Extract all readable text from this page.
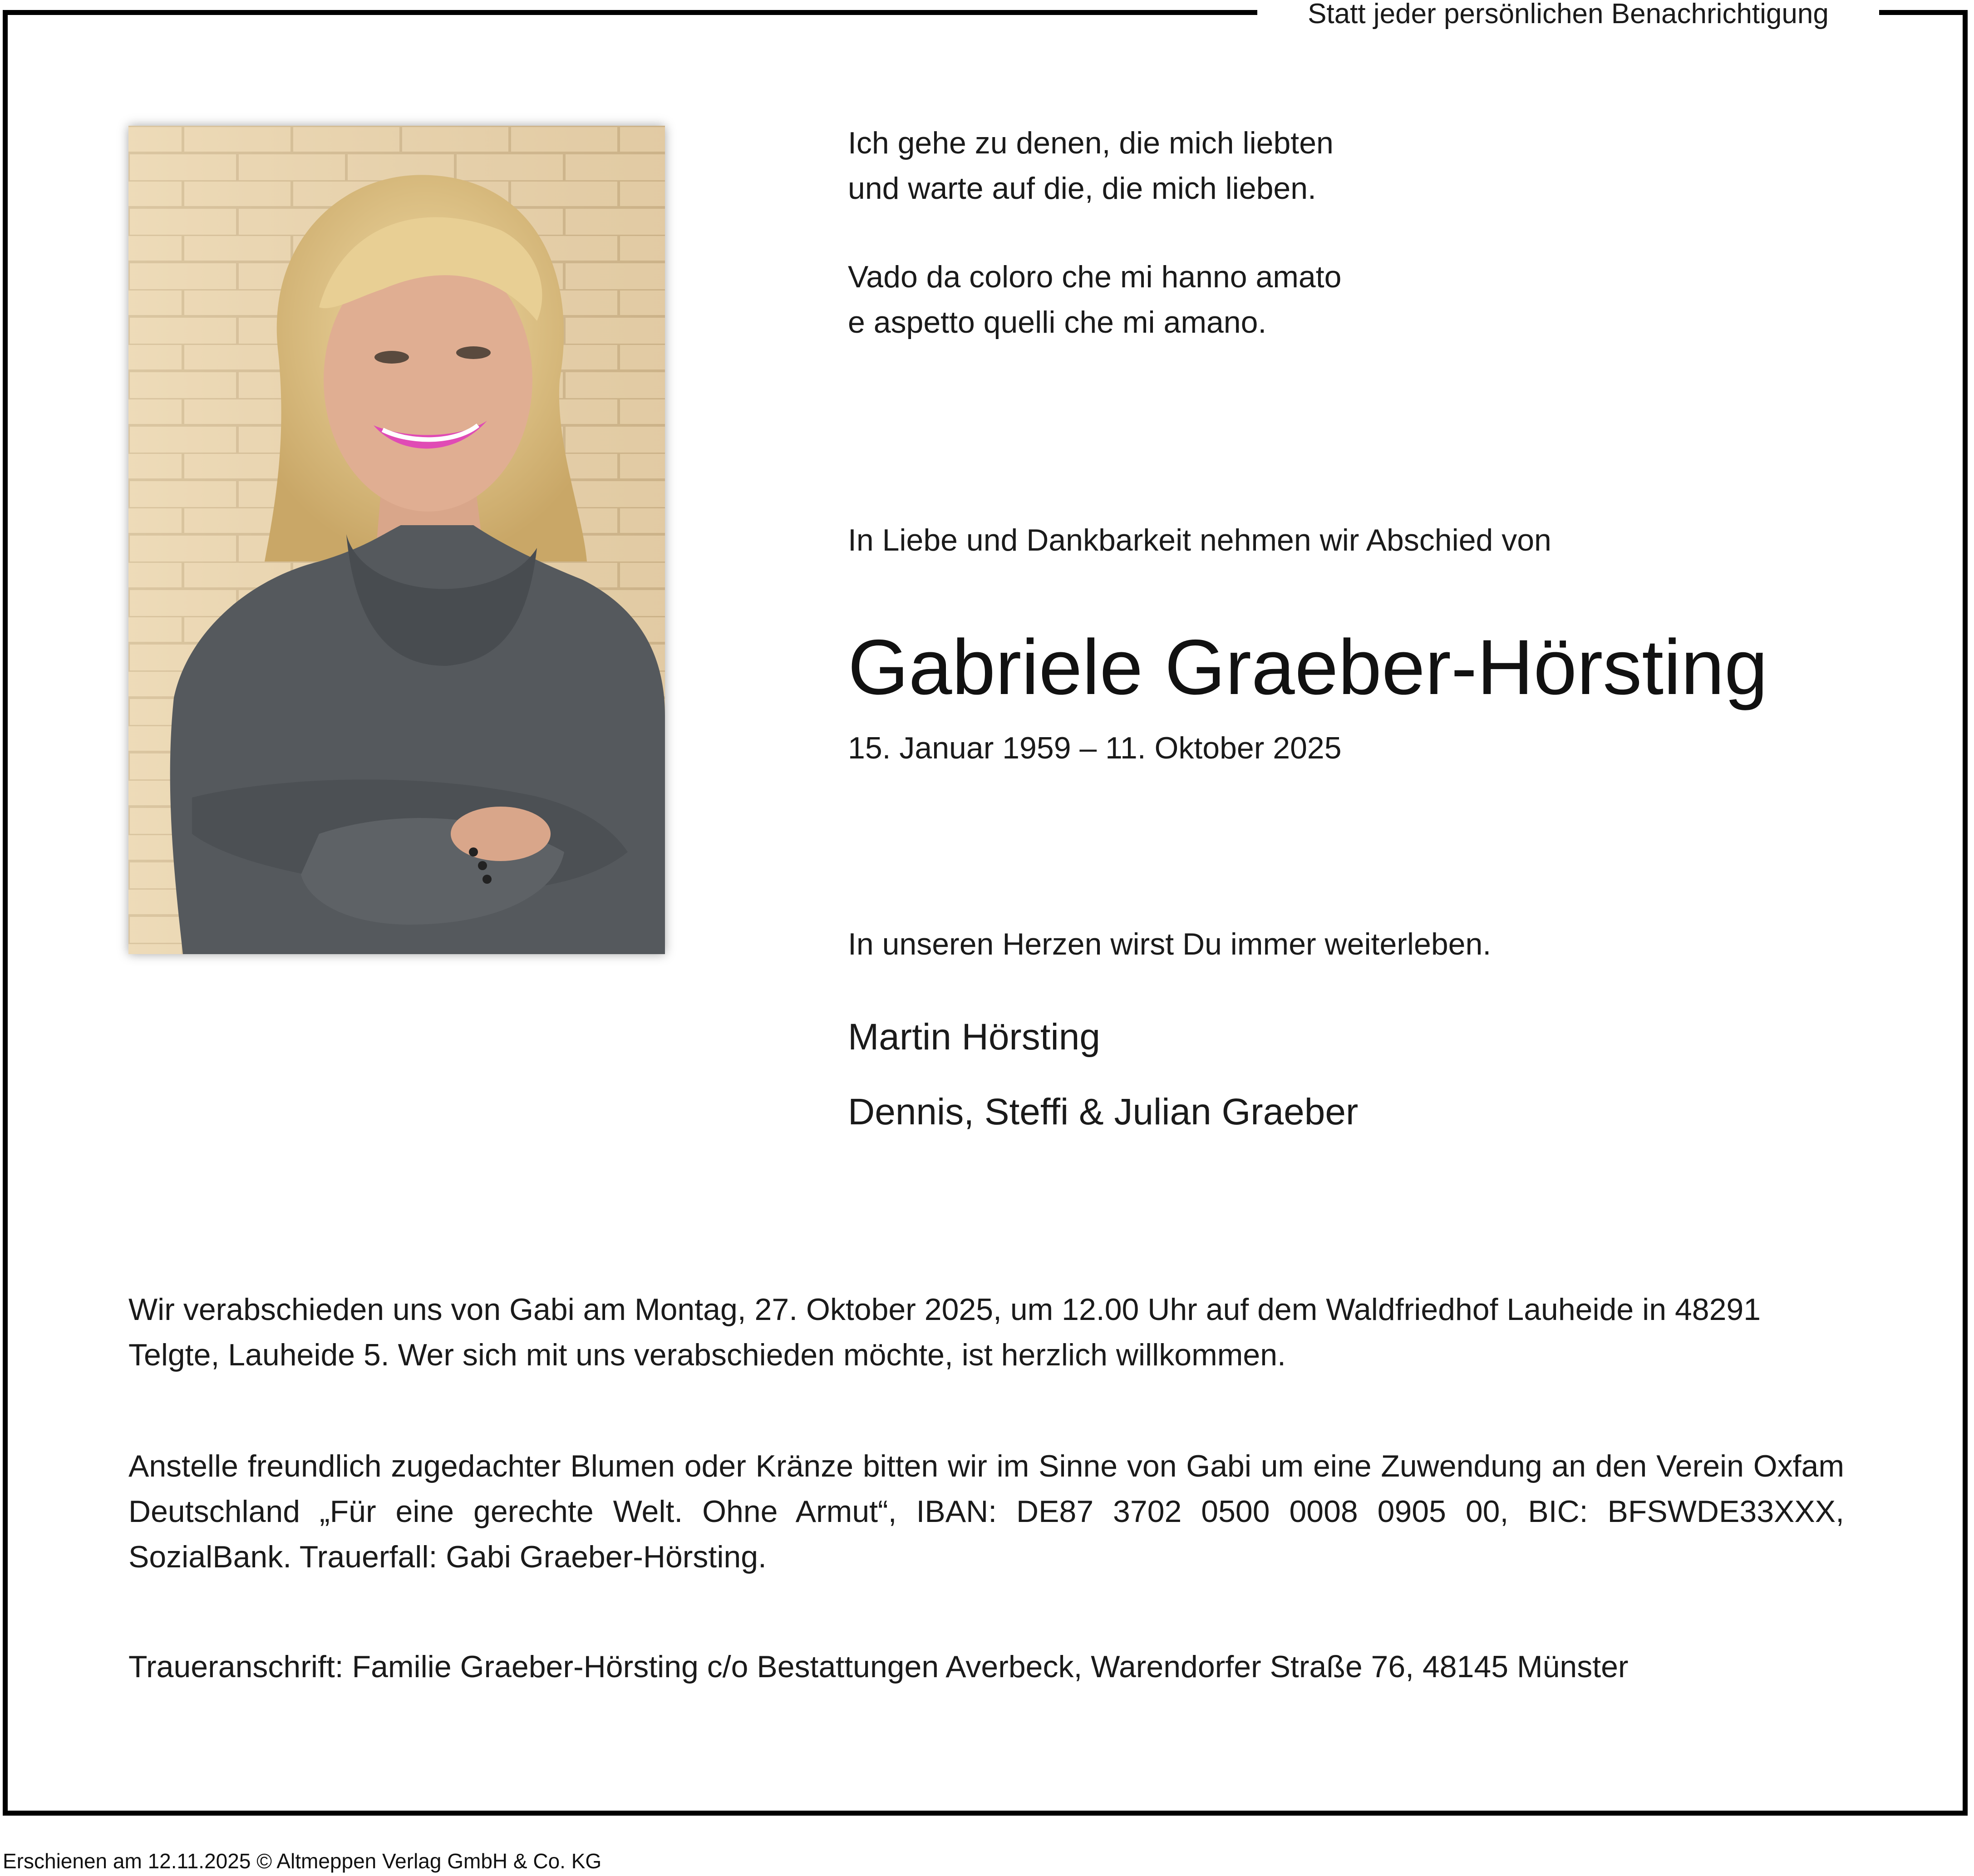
Statt jeder persönlichen Benachrichtigung
Ich gehe zu denen, die mich liebten
und warte auf die, die mich lieben.
Vado da coloro che mi hanno amato
e aspetto quelli che mi amano.
In Liebe und Dankbarkeit nehmen wir Abschied von
Gabriele Graeber-Hörsting
15. Januar 1959 – 11. Oktober 2025
In unseren Herzen wirst Du immer weiterleben.
Martin Hörsting
Dennis, Steffi & Julian Graeber
Wir verabschieden uns von Gabi am Montag, 27. Oktober 2025, um 12.00 Uhr auf dem Waldfriedhof Lauheide in 48291 Telgte, Lauheide 5. Wer sich mit uns verabschieden möchte, ist herzlich willkommen.
Anstelle freundlich zugedachter Blumen oder Kränze bitten wir im Sinne von Gabi um eine Zuwendung an den Verein Oxfam Deutschland „Für eine gerechte Welt. Ohne Armut“, IBAN: DE87 3702 0500 0008 0905 00, BIC: BFSWDE33XXX, SozialBank. Trauerfall: Gabi Graeber-Hörsting.
Traueranschrift: Familie Graeber-Hörsting c/o Bestattungen Averbeck, Warendorfer Straße 76, 48145 Münster
Erschienen am 12.11.2025 © Altmeppen Verlag GmbH & Co. KG
